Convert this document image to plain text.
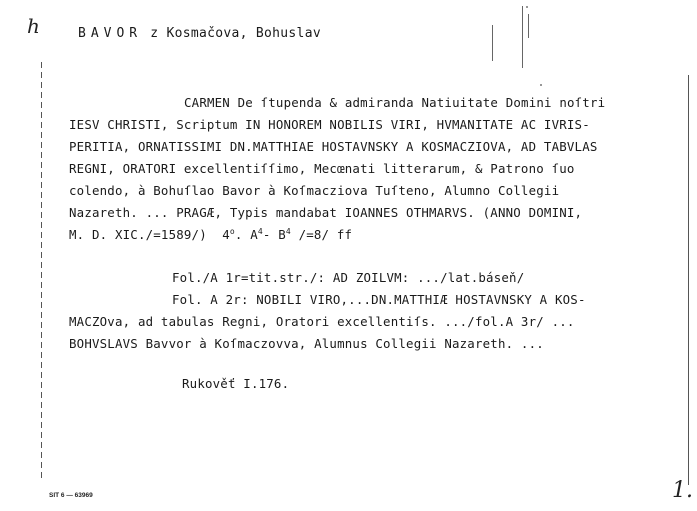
h	BAVOR z Kosmačova, Bohuslav
CARMEN De ſtupenda & admiranda Natiuitate Domini noſtri
IESV CHRISTI, Scriptum IN HONOREM NOBILIS VIRI, HVMANITATE AC IVRIS-
PERITIA, ORNATISSIMI DN.MATTHIAE HOSTAVNSKY A KOSMACZIOVA, AD TABVLAS
REGNI, ORATORI excellentiſſimo, Mecœnati litterarum, & Patrono ſuo
colendo, à Bohuſlao Bavor à Koſmacziova Tuſteno, Alumno Collegii
Nazareth. ... PRAGÆ, Typis mandabat IOANNES OTHMARVS. (ANNO DOMINI,
M. D. XIC./=1589/)  4$^o$. $A^4-$ $B^4$ /=8/ ff
Fol./A 1r=tit.str./: AD ZOILVM: .../lat.báseň/
Fol. A 2r: NOBILI VIRO,...DN.MATTHIÆ HOSTAVNSKY A KOS-
MACZOva, ad tabulas Regni, Oratori excellentiſs. .../fol.A 3r/ ...
BOHVSLAVS Bavvor à Koſmaczovva, Alumnus Collegii Nazareth. ...
Rukověť I.176.
SIT 6 — 63969	1.
